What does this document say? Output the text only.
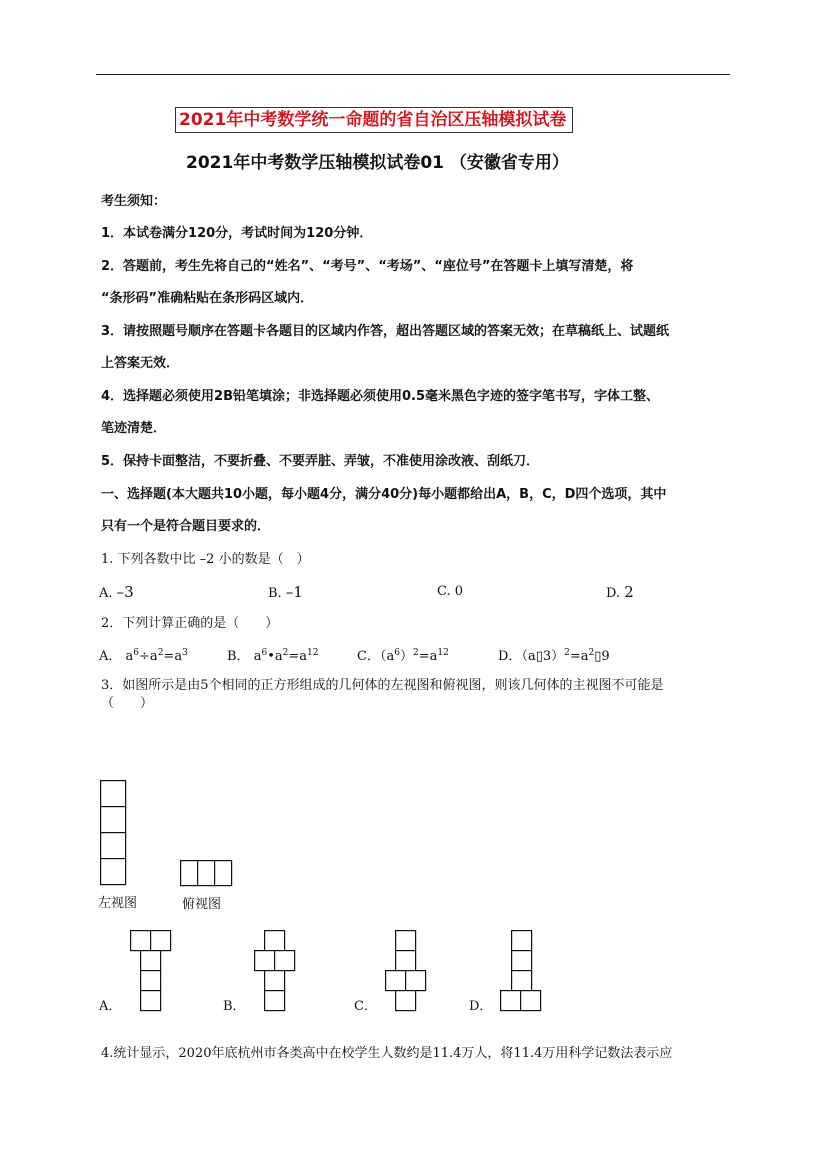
2021年中考数学统一命题的省自治区压轴模拟试卷
2021年中考数学压轴模拟试卷01 （安徽省专用）
考生须知：
1．本试卷满分120分，考试时间为120分钟．
2．答题前，考生先将自己的“姓名”、“考号”、“考场”、“座位号”在答题卡上填写清楚，将
“条形码”准确粘贴在条形码区域内．
3．请按照题号顺序在答题卡各题目的区域内作答，超出答题区域的答案无效；在草稿纸上、试题纸
上答案无效．
4．选择题必须使用2B铅笔填涂；非选择题必须使用0.5毫米黑色字迹的签字笔书写，字体工整、
笔迹清楚．
5．保持卡面整洁，不要折叠、不要弄脏、弄皱，不准使用涂改液、刮纸刀．
一、选择题(本大题共10小题，每小题4分，满分40分)每小题都给出A，B，C，D四个选项，其中
只有一个是符合题目要求的．
1. 下列各数中比 –2 小的数是（　）
A. –3	B. –1	C. 0	D. 2
2．下列计算正确的是（　　）
A． $a^6\div a^2=a^3$	B． $a^6•a^2=a^{12}$	C．$(a^6)^2=a^{12}$	D．$(a▯3)^2=a^2▯9$
3．如图所示是由5个相同的正方形组成的几何体的左视图和俯视图，则该几何体的主视图不可能是
（　　）
左视图	俯视图
A．	B．	C．	D．
4.统计显示，2020年底杭州市各类高中在校学生人数约是11.4万人，将11.4万用科学记数法表示应
